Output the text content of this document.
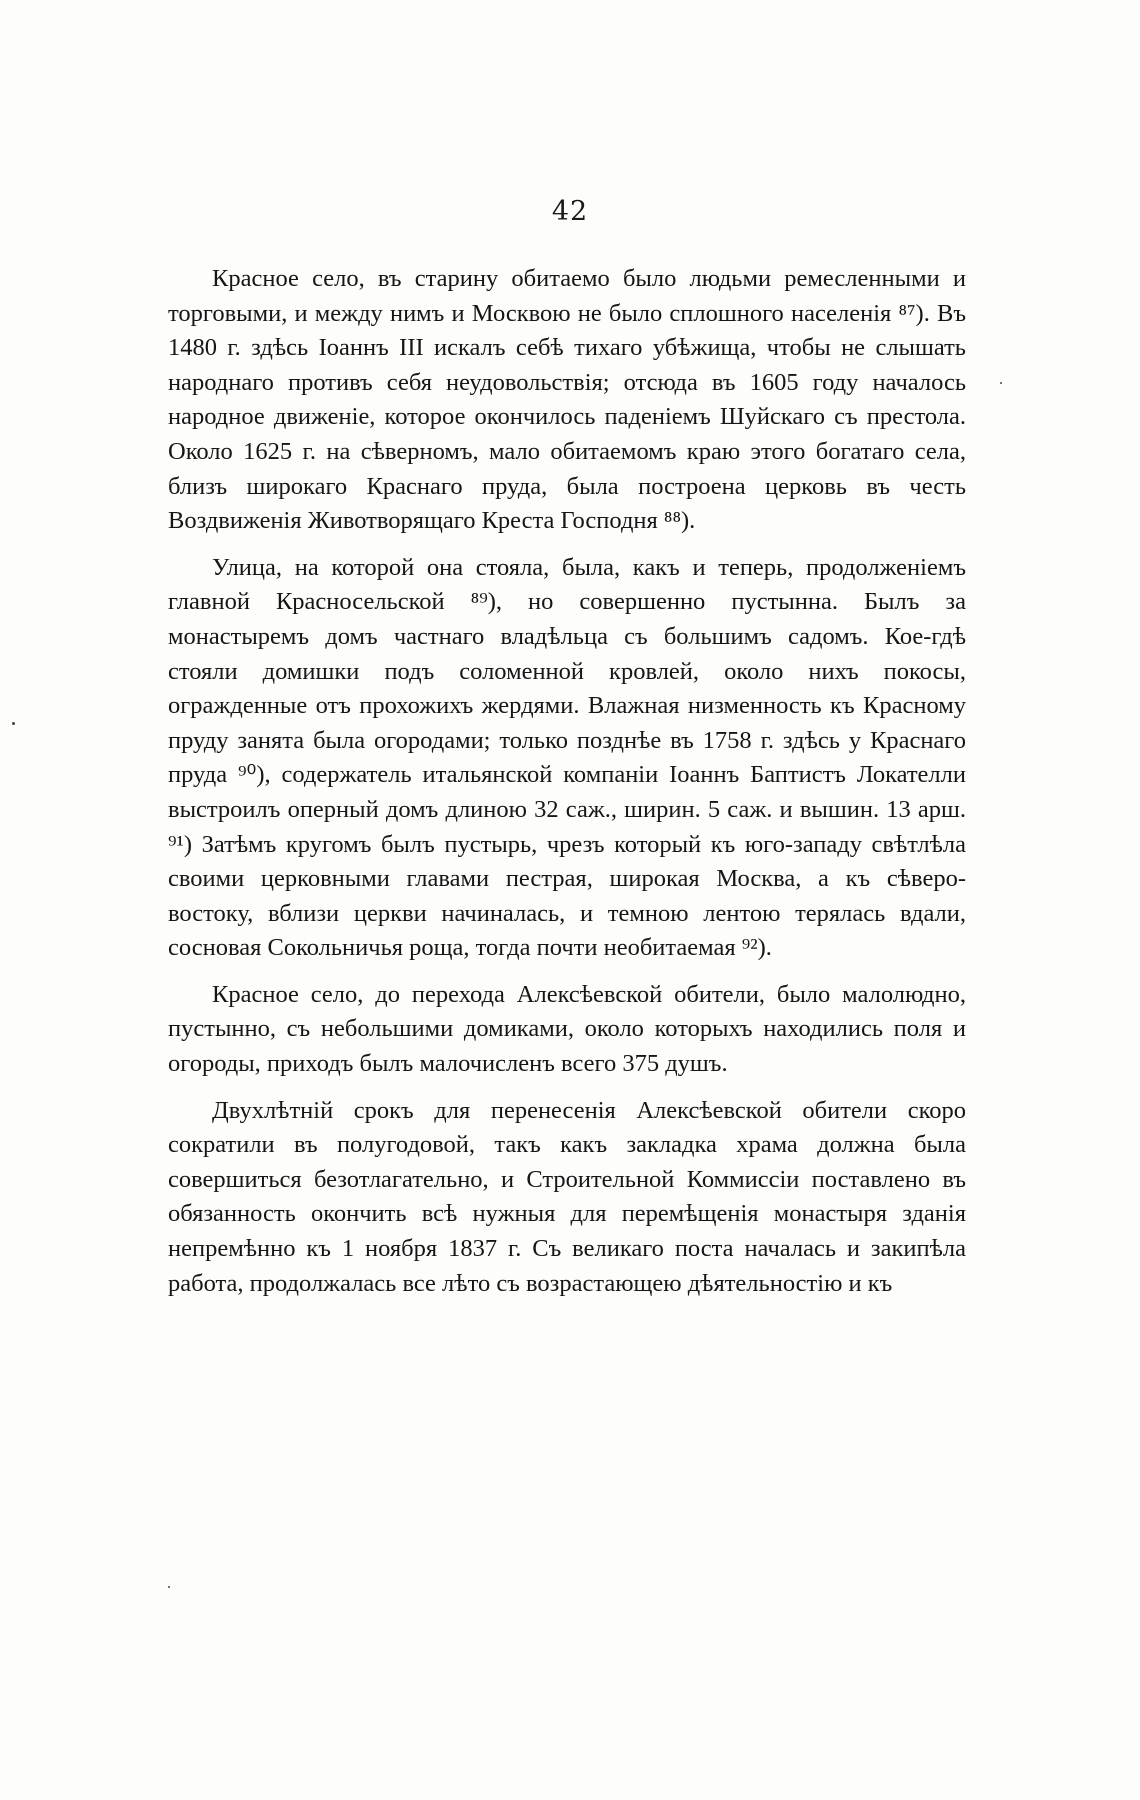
42

Красное село, въ старину обитаемо было людьми ремесленными и торговыми, и между нимъ и Москвою не было сплошного населенія ⁸⁷). Въ 1480 г. здѣсь Іоаннъ III искалъ себѣ тихаго убѣжища, чтобы не слышать народнаго противъ себя неудовольствія; отсюда въ 1605 году началось народное движеніе, которое окончилось паденіемъ Шуйскаго съ престола. Около 1625 г. на сѣверномъ, мало обитаемомъ краю этого богатаго села, близъ широкаго Краснаго пруда, была построена церковь въ честь Воздвиженія Животворящаго Креста Господня ⁸⁸).

Улица, на которой она стояла, была, какъ и теперь, продолженіемъ главной Красносельской ⁸⁹), но совершенно пустынна. Былъ за монастыремъ домъ частнаго владѣльца съ большимъ садомъ. Кое-гдѣ стояли домишки подъ соломенной кровлей, около нихъ покосы, огражденные отъ прохожихъ жердями. Влажная низменность къ Красному пруду занята была огородами; только позднѣе въ 1758 г. здѣсь у Краснаго пруда ⁹⁰), содержатель итальянской компаніи Іоаннъ Баптистъ Локателли выстроилъ оперный домъ длиною 32 саж., ширин. 5 саж. и вышин. 13 арш. ⁹¹) Затѣмъ кругомъ былъ пустырь, чрезъ который къ юго-западу свѣтлѣла своими церковными главами пестрая, широкая Москва, а къ сѣверо-востоку, вблизи церкви начиналась, и темною лентою терялась вдали, сосновая Сокольничья роща, тогда почти необитаемая ⁹²).

Красное село, до перехода Алексѣевской обители, было малолюдно, пустынно, съ небольшими домиками, около которыхъ находились поля и огороды, приходъ былъ малочисленъ всего 375 душъ.

Двухлѣтній срокъ для перенесенія Алексѣевской обители скоро сократили въ полугодовой, такъ какъ закладка храма должна была совершиться безотлагательно, и Строительной Коммиссіи поставлено въ обязанность окончить всѣ нужныя для перемѣщенія монастыря зданія непремѣнно къ 1 ноября 1837 г. Съ великаго поста началась и закипѣла работа, продолжалась все лѣто съ возрастающею дѣятельностію и къ
